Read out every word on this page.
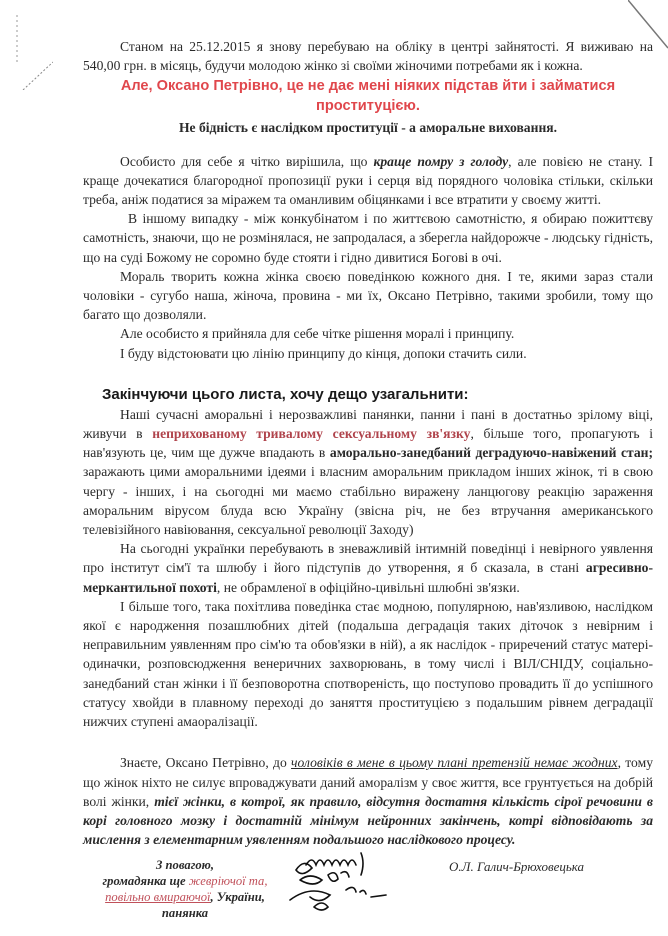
Станом на 25.12.2015 я знову перебуваю на обліку в центрі зайнятості. Я виживаю на 540,00 грн. в місяць, будучи молодою жінко зі своїми жіночими потребами як і кожна.

Але, Оксано Петрівно, це не дає мені ніяких підстав йти і займатися проституцією.
Не бідність є наслідком проституції - а аморальне виховання.

Особисто для себе я чітко вирішила, що краще помру з голоду, але повією не стану. І краще дочекатися благородної пропозиції руки і серця від порядного чоловіка стільки, скільки треба, аніж податися за міражем та оманливим обіцянками і все втратити у своєму житті.

В іншому випадку - між конкубінатом і по життєвою самотністю, я обираю пожиттєву самотність, знаючи, що не розмінялася, не запродалася, а зберегла найдорожче - людську гідність, що на суді Божому не соромно буде стояти і гідно дивитися Богові в очі.

Мораль творить кожна жінка своєю поведінкою кожного дня. І те, якими зараз стали чоловіки - сугубо наша, жіноча, провина - ми їх, Оксано Петрівно, такими зробили, тому що багато що дозволяли.

Але особисто я прийняла для себе чітке рішення моралі і принципу.

І буду відстоювати цю лінію принципу до кінця, допоки стачить сили.

Закінчуючи цього листа, хочу дещо узагальнити:

Наші сучасні аморальні і нерозважливі панянки, панни і пані в достатньо зрілому віці, живучи в неприхованому тривалому сексуальному зв'язку, більше того, пропагують і нав'язують це, чим ще дужче впадають в аморально-занедбаний деградуючо-навіжений стан; заражають цими аморальними ідеями і власним аморальним прикладом інших жінок, ті в свою чергу - інших, і на сьогодні ми маємо стабільно виражену ланцюгову реакцію зараження аморальним вірусом блуда всю Україну (звісна річ, не без втручання американського телевізійного навіювання, сексуальної революції Заходу)

На сьогодні українки перебувають в зневажливій інтимній поведінці і невірного уявлення про інститут сім'ї та шлюбу і його підступів до утворення, я б сказала, в стані агресивно-меркантильної похоті, не обрамленої в офіційно-цивільні шлюбні зв'язки.

І більше того, така похітлива поведінка стає модною, популярною, нав'язливою, наслідком якої є народження позашлюбних дітей (подальша деградація таких діточок з невірним і неправильним уявленням про сім'ю та обов'язки в ній), а як наслідок - приречений статус матері-одиначки, розповсюдження венеричних захворювань, в тому числі і ВІЛ/СНІДУ, соціально-занедбаний стан жінки і її безповоротна спотвореність, що поступово провадить її до успішного статусу хвойди в плавному переході до заняття проституцією з подальшим рівнем деградації нижчих ступені амаоралізації.

Знаєте, Оксано Петрівно, до чоловіків в мене в цьому плані претензій немає жодних, тому що жінок ніхто не силує впроваджувати даний аморалізм у своє життя, все грунтується на добрій волі жінки, тієї жінки, в котрої, як правило, відсутня достатня кількість сірої речовини в корі головного мозку і достатній мінімум нейронних закінчень, котрі відповідають за мислення з елементарним уявленням подальшого наслідкового процесу.

З повагою,
громадянка ще жевріючої та,
повільно вмираючої, України,
панянка
О.Л. Галич-Брюховецька
